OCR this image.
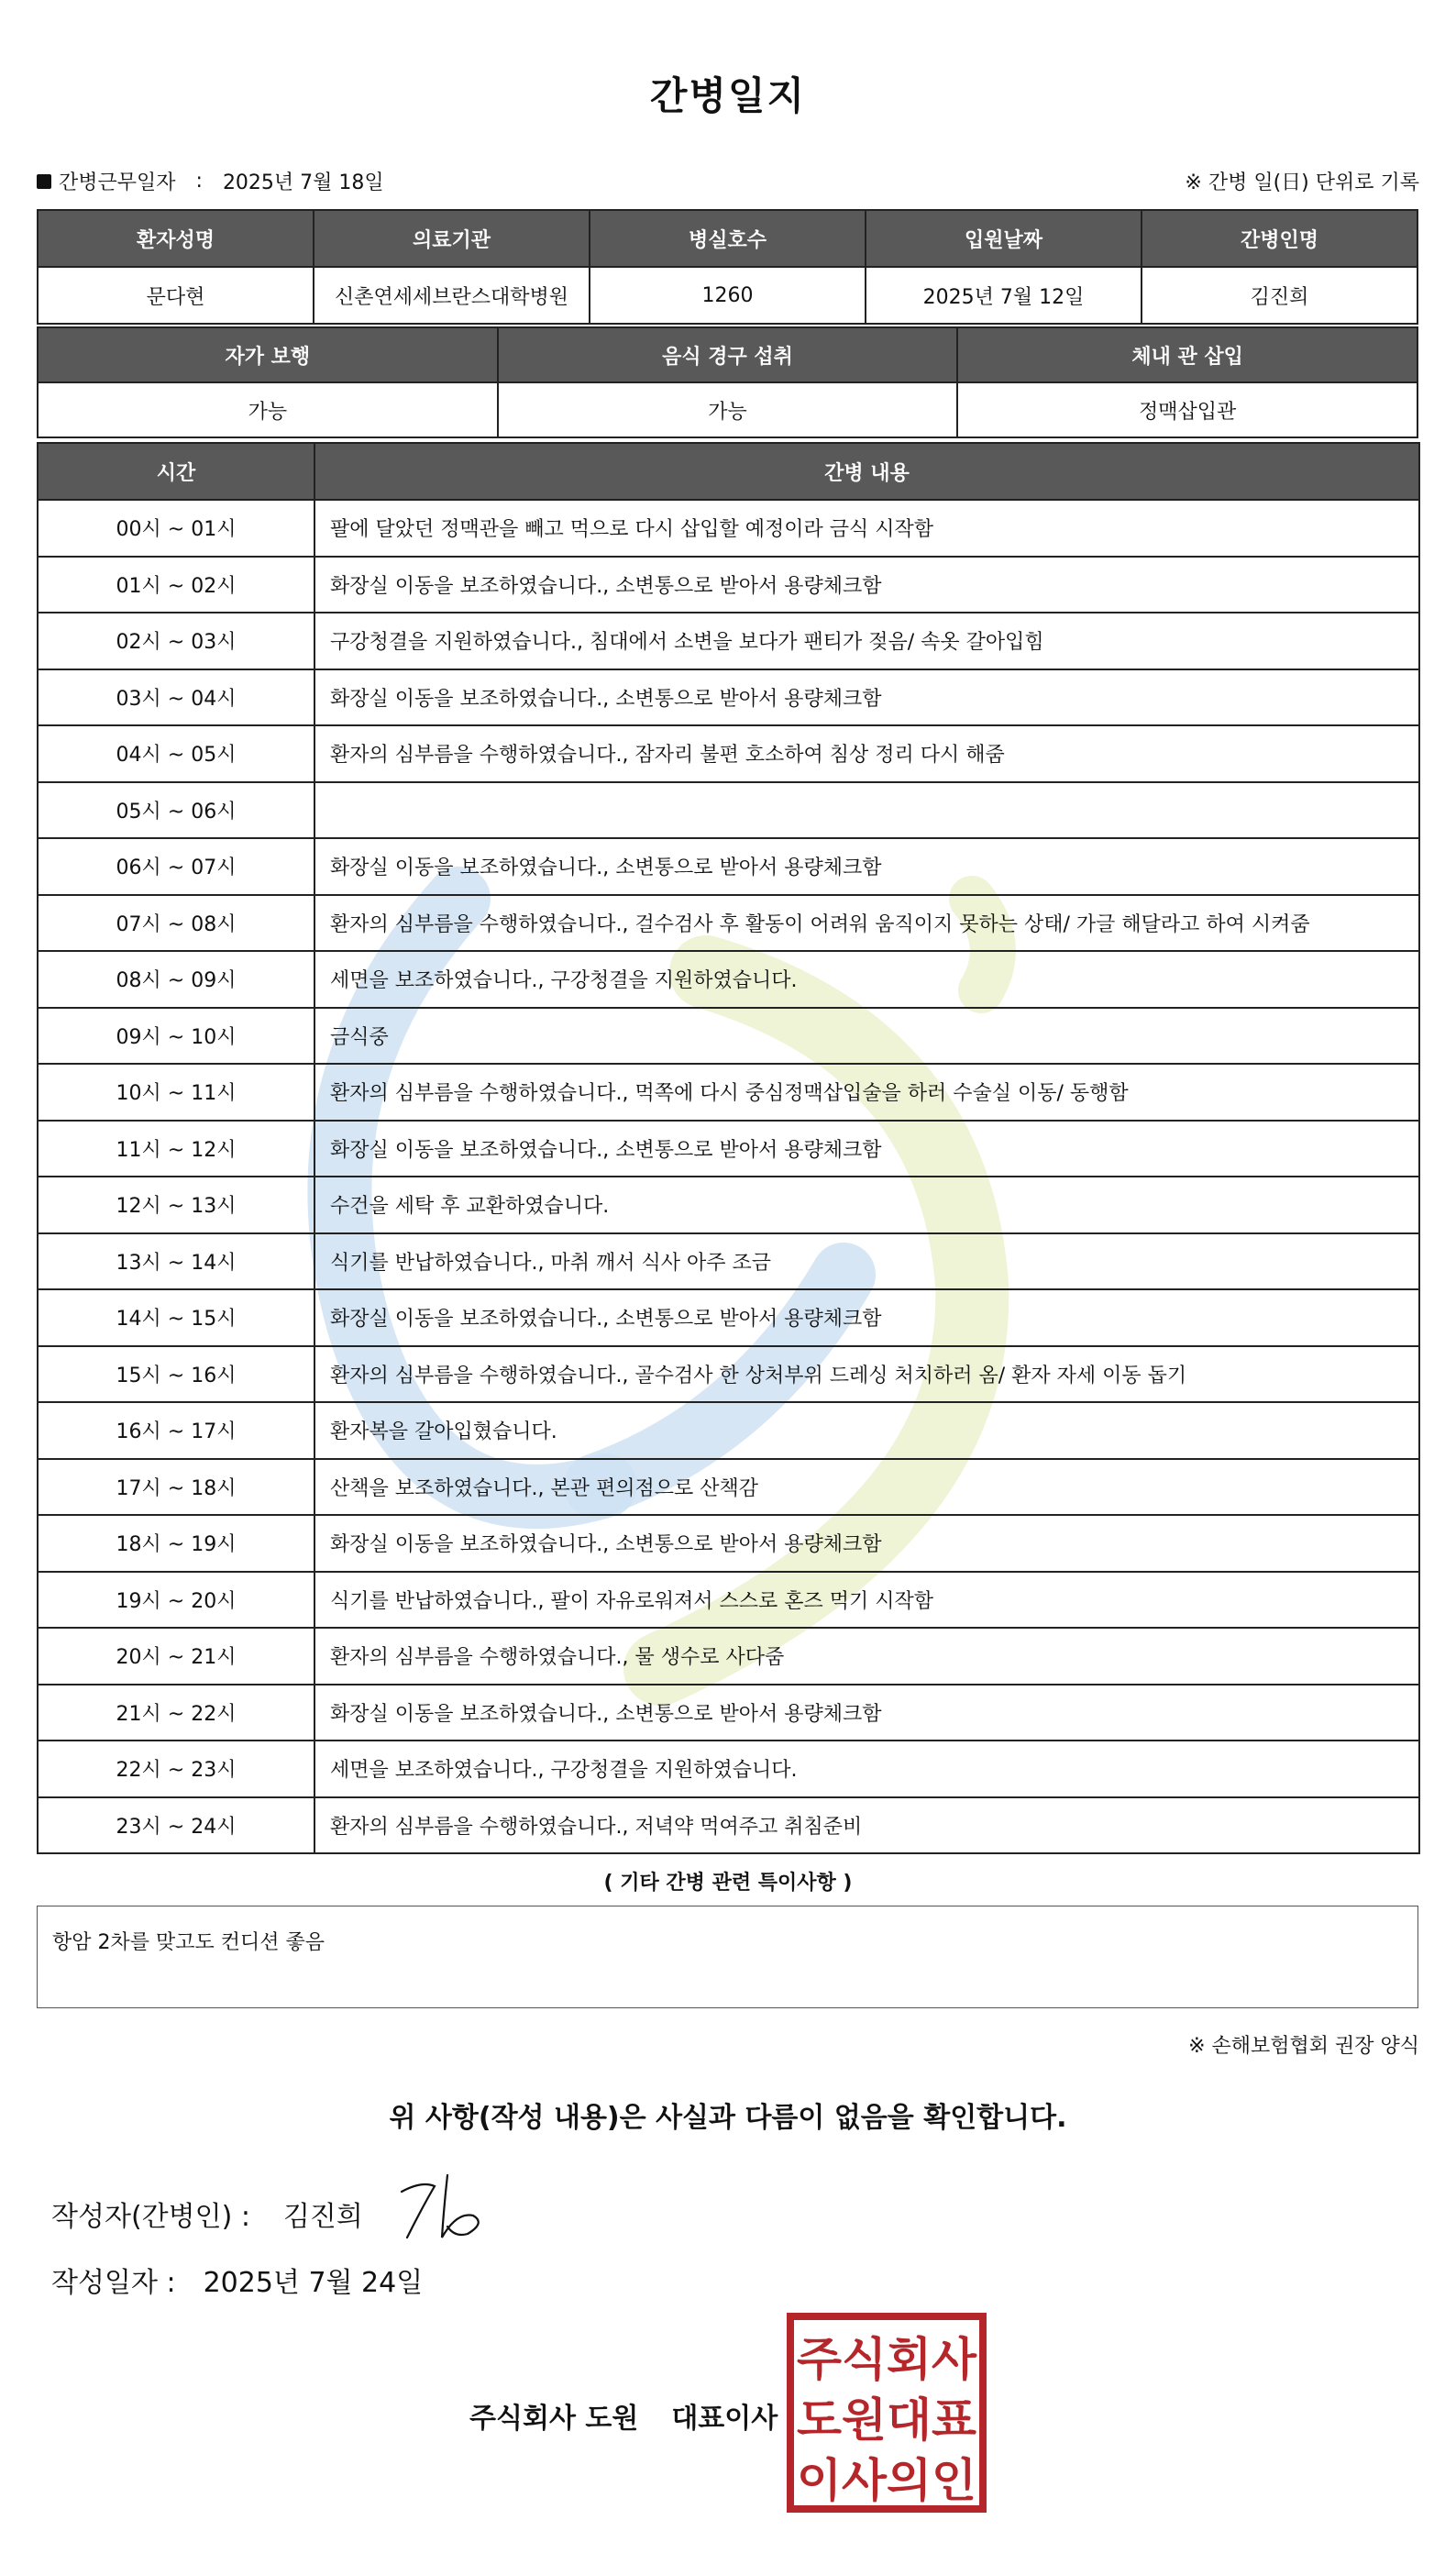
간병일지
간병근무일자 : 2025년 7월 18일	※ 간병 일(日) 단위로 기록
환자성명	의료기관	병실호수	입원날짜	간병인명
문다현	신촌연세세브란스대학병원	1260	2025년 7월 12일	김진희
자가 보행	음식 경구 섭취	체내 관 삽입
가능	가능	정맥삽입관
시간	간병 내용
00시 ~ 01시	팔에 달았던 정맥관을 빼고 먹으로 다시 삽입할 예정이라 금식 시작함
01시 ~ 02시	화장실 이동을 보조하였습니다., 소변통으로 받아서 용량체크함
02시 ~ 03시	구강청결을 지원하였습니다., 침대에서 소변을 보다가 팬티가 젖음/ 속옷 갈아입힘
03시 ~ 04시	화장실 이동을 보조하였습니다., 소변통으로 받아서 용량체크함
04시 ~ 05시	환자의 심부름을 수행하였습니다., 잠자리 불편 호소하여 침상 정리 다시 해줌
05시 ~ 06시	
06시 ~ 07시	화장실 이동을 보조하였습니다., 소변통으로 받아서 용량체크함
07시 ~ 08시	환자의 심부름을 수행하였습니다., 걸수검사 후 활동이 어려워 움직이지 못하는 상태/ 가글 해달라고 하여 시켜줌
08시 ~ 09시	세면을 보조하였습니다., 구강청결을 지원하였습니다.
09시 ~ 10시	금식중
10시 ~ 11시	환자의 심부름을 수행하였습니다., 먹쪽에 다시 중심정맥삽입술을 하러 수술실 이동/ 동행함
11시 ~ 12시	화장실 이동을 보조하였습니다., 소변통으로 받아서 용량체크함
12시 ~ 13시	수건을 세탁 후 교환하였습니다.
13시 ~ 14시	식기를 반납하였습니다., 마취 깨서 식사 아주 조금
14시 ~ 15시	화장실 이동을 보조하였습니다., 소변통으로 받아서 용량체크함
15시 ~ 16시	환자의 심부름을 수행하였습니다., 골수검사 한 상처부위 드레싱 처치하러 옴/ 환자 자세 이동 돕기
16시 ~ 17시	환자복을 갈아입혔습니다.
17시 ~ 18시	산책을 보조하였습니다., 본관 편의점으로 산책감
18시 ~ 19시	화장실 이동을 보조하였습니다., 소변통으로 받아서 용량체크함
19시 ~ 20시	식기를 반납하였습니다., 팔이 자유로워져서 스스로 혼즈 먹기 시작함
20시 ~ 21시	환자의 심부름을 수행하였습니다., 물 생수로 사다줌
21시 ~ 22시	화장실 이동을 보조하였습니다., 소변통으로 받아서 용량체크함
22시 ~ 23시	세면을 보조하였습니다., 구강청결을 지원하였습니다.
23시 ~ 24시	환자의 심부름을 수행하였습니다., 저녁약 먹여주고 취침준비
( 기타 간병 관련 특이사항 )
항암 2차를 맞고도 컨디션 좋음
※ 손해보험협회 권장 양식
위 사항(작성 내용)은 사실과 다름이 없음을 확인합니다.
작성자(간병인) : 김진희
작성일자 : 2025년 7월 24일
주식회사 도원 대표이사
주식회사
도원대표
이사의인
